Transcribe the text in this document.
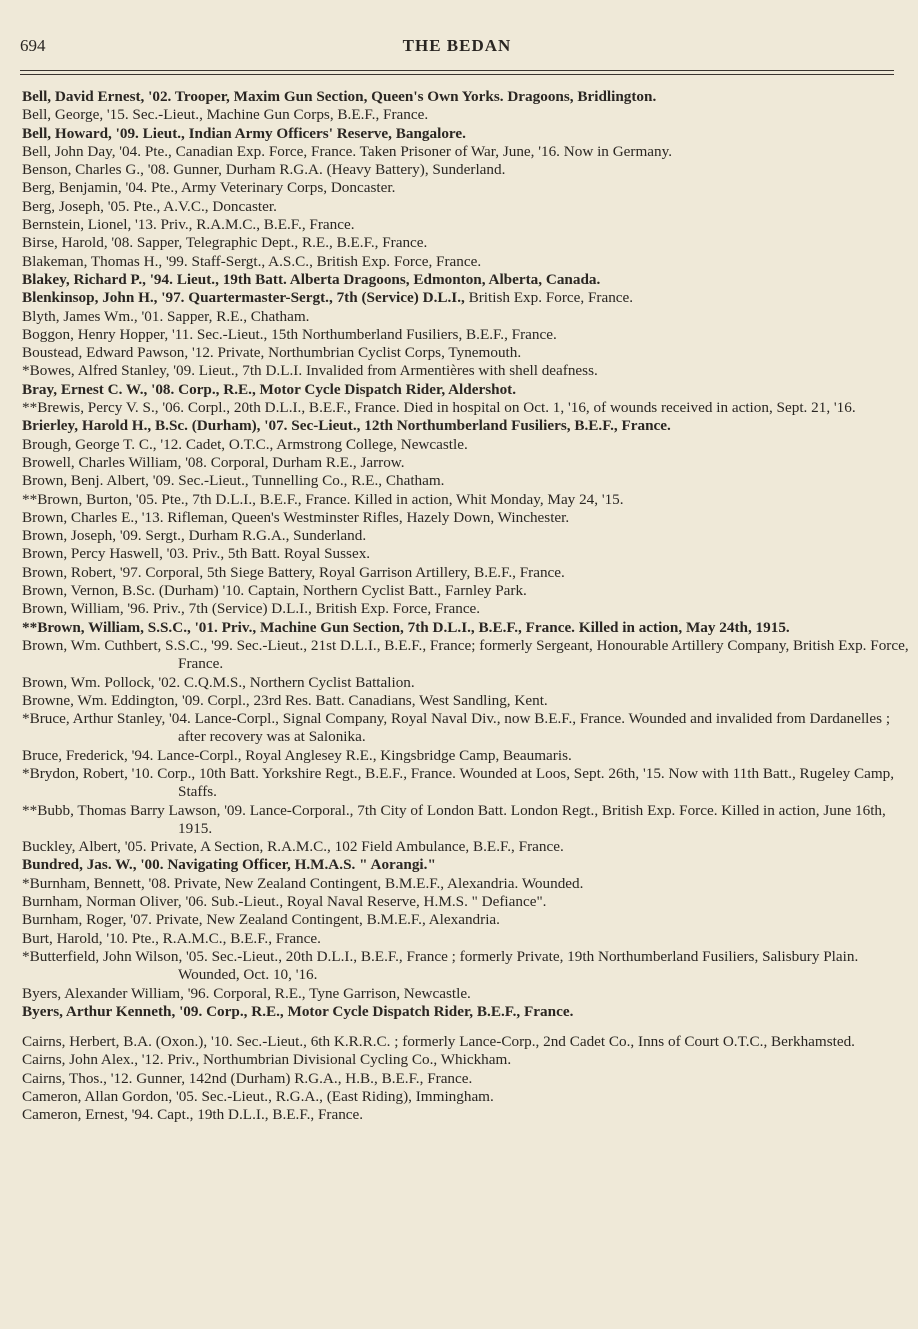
694	THE BEDAN
Bell, David Ernest, '02. Trooper, Maxim Gun Section, Queen's Own Yorks. Dragoons, Bridlington.
Bell, George, '15. Sec.-Lieut., Machine Gun Corps, B.E.F., France.
Bell, Howard, '09. Lieut., Indian Army Officers' Reserve, Bangalore.
Bell, John Day, '04. Pte., Canadian Exp. Force, France. Taken Prisoner of War, June, '16. Now in Germany.
Benson, Charles G., '08. Gunner, Durham R.G.A. (Heavy Battery), Sunderland.
Berg, Benjamin, '04. Pte., Army Veterinary Corps, Doncaster.
Berg, Joseph, '05. Pte., A.V.C., Doncaster.
Bernstein, Lionel, '13. Priv., R.A.M.C., B.E.F., France.
Birse, Harold, '08. Sapper, Telegraphic Dept., R.E., B.E.F., France.
Blakeman, Thomas H., '99. Staff-Sergt., A.S.C., British Exp. Force, France.
Blakey, Richard P., '94. Lieut., 19th Batt. Alberta Dragoons, Edmonton, Alberta, Canada.
Blenkinsop, John H., '97. Quartermaster-Sergt., 7th (Service) D.L.I., British Exp. Force, France.
Blyth, James Wm., '01. Sapper, R.E., Chatham.
Boggon, Henry Hopper, '11. Sec.-Lieut., 15th Northumberland Fusiliers, B.E.F., France.
Boustead, Edward Pawson, '12. Private, Northumbrian Cyclist Corps, Tynemouth.
*Bowes, Alfred Stanley, '09. Lieut., 7th D.L.I. Invalided from Armentières with shell deafness.
Bray, Ernest C. W., '08. Corp., R.E., Motor Cycle Dispatch Rider, Aldershot.
**Brewis, Percy V. S., '06. Corpl., 20th D.L.I., B.E.F., France. Died in hospital on Oct. 1, '16, of wounds received in action, Sept. 21, '16.
Brierley, Harold H., B.Sc. (Durham), '07. Sec-Lieut., 12th Northumberland Fusiliers, B.E.F., France.
Brough, George T. C., '12. Cadet, O.T.C., Armstrong College, Newcastle.
Browell, Charles William, '08. Corporal, Durham R.E., Jarrow.
Brown, Benj. Albert, '09. Sec.-Lieut., Tunnelling Co., R.E., Chatham.
**Brown, Burton, '05. Pte., 7th D.L.I., B.E.F., France. Killed in action, Whit Monday, May 24, '15.
Brown, Charles E., '13. Rifleman, Queen's Westminster Rifles, Hazely Down, Winchester.
Brown, Joseph, '09. Sergt., Durham R.G.A., Sunderland.
Brown, Percy Haswell, '03. Priv., 5th Batt. Royal Sussex.
Brown, Robert, '97. Corporal, 5th Siege Battery, Royal Garrison Artillery, B.E.F., France.
Brown, Vernon, B.Sc. (Durham) '10. Captain, Northern Cyclist Batt., Farnley Park.
Brown, William, '96. Priv., 7th (Service) D.L.I., British Exp. Force, France.
**Brown, William, S.S.C., '01. Priv., Machine Gun Section, 7th D.L.I., B.E.F., France. Killed in action, May 24th, 1915.
Brown, Wm. Cuthbert, S.S.C., '99. Sec.-Lieut., 21st D.L.I., B.E.F., France; formerly Sergeant, Honourable Artillery Company, British Exp. Force, France.
Brown, Wm. Pollock, '02. C.Q.M.S., Northern Cyclist Battalion.
Browne, Wm. Eddington, '09. Corpl., 23rd Res. Batt. Canadians, West Sandling, Kent.
*Bruce, Arthur Stanley, '04. Lance-Corpl., Signal Company, Royal Naval Div., now B.E.F., France. Wounded and invalided from Dardanelles ; after recovery was at Salonika.
Bruce, Frederick, '94. Lance-Corpl., Royal Anglesey R.E., Kingsbridge Camp, Beaumaris.
*Brydon, Robert, '10. Corp., 10th Batt. Yorkshire Regt., B.E.F., France. Wounded at Loos, Sept. 26th, '15. Now with 11th Batt., Rugeley Camp, Staffs.
**Bubb, Thomas Barry Lawson, '09. Lance-Corporal., 7th City of London Batt. London Regt., British Exp. Force. Killed in action, June 16th, 1915.
Buckley, Albert, '05. Private, A Section, R.A.M.C., 102 Field Ambulance, B.E.F., France.
Bundred, Jas. W., '00. Navigating Officer, H.M.A.S. " Aorangi."
*Burnham, Bennett, '08. Private, New Zealand Contingent, B.M.E.F., Alexandria. Wounded.
Burnham, Norman Oliver, '06. Sub.-Lieut., Royal Naval Reserve, H.M.S. " Defiance".
Burnham, Roger, '07. Private, New Zealand Contingent, B.M.E.F., Alexandria.
Burt, Harold, '10. Pte., R.A.M.C., B.E.F., France.
*Butterfield, John Wilson, '05. Sec.-Lieut., 20th D.L.I., B.E.F., France ; formerly Private, 19th Northumberland Fusiliers, Salisbury Plain. Wounded, Oct. 10, '16.
Byers, Alexander William, '96. Corporal, R.E., Tyne Garrison, Newcastle.
Byers, Arthur Kenneth, '09. Corp., R.E., Motor Cycle Dispatch Rider, B.E.F., France.
Cairns, Herbert, B.A. (Oxon.), '10. Sec.-Lieut., 6th K.R.R.C. ; formerly Lance-Corp., 2nd Cadet Co., Inns of Court O.T.C., Berkhamsted.
Cairns, John Alex., '12. Priv., Northumbrian Divisional Cycling Co., Whickham.
Cairns, Thos., '12. Gunner, 142nd (Durham) R.G.A., H.B., B.E.F., France.
Cameron, Allan Gordon, '05. Sec.-Lieut., R.G.A., (East Riding), Immingham.
Cameron, Ernest, '94. Capt., 19th D.L.I., B.E.F., France.
